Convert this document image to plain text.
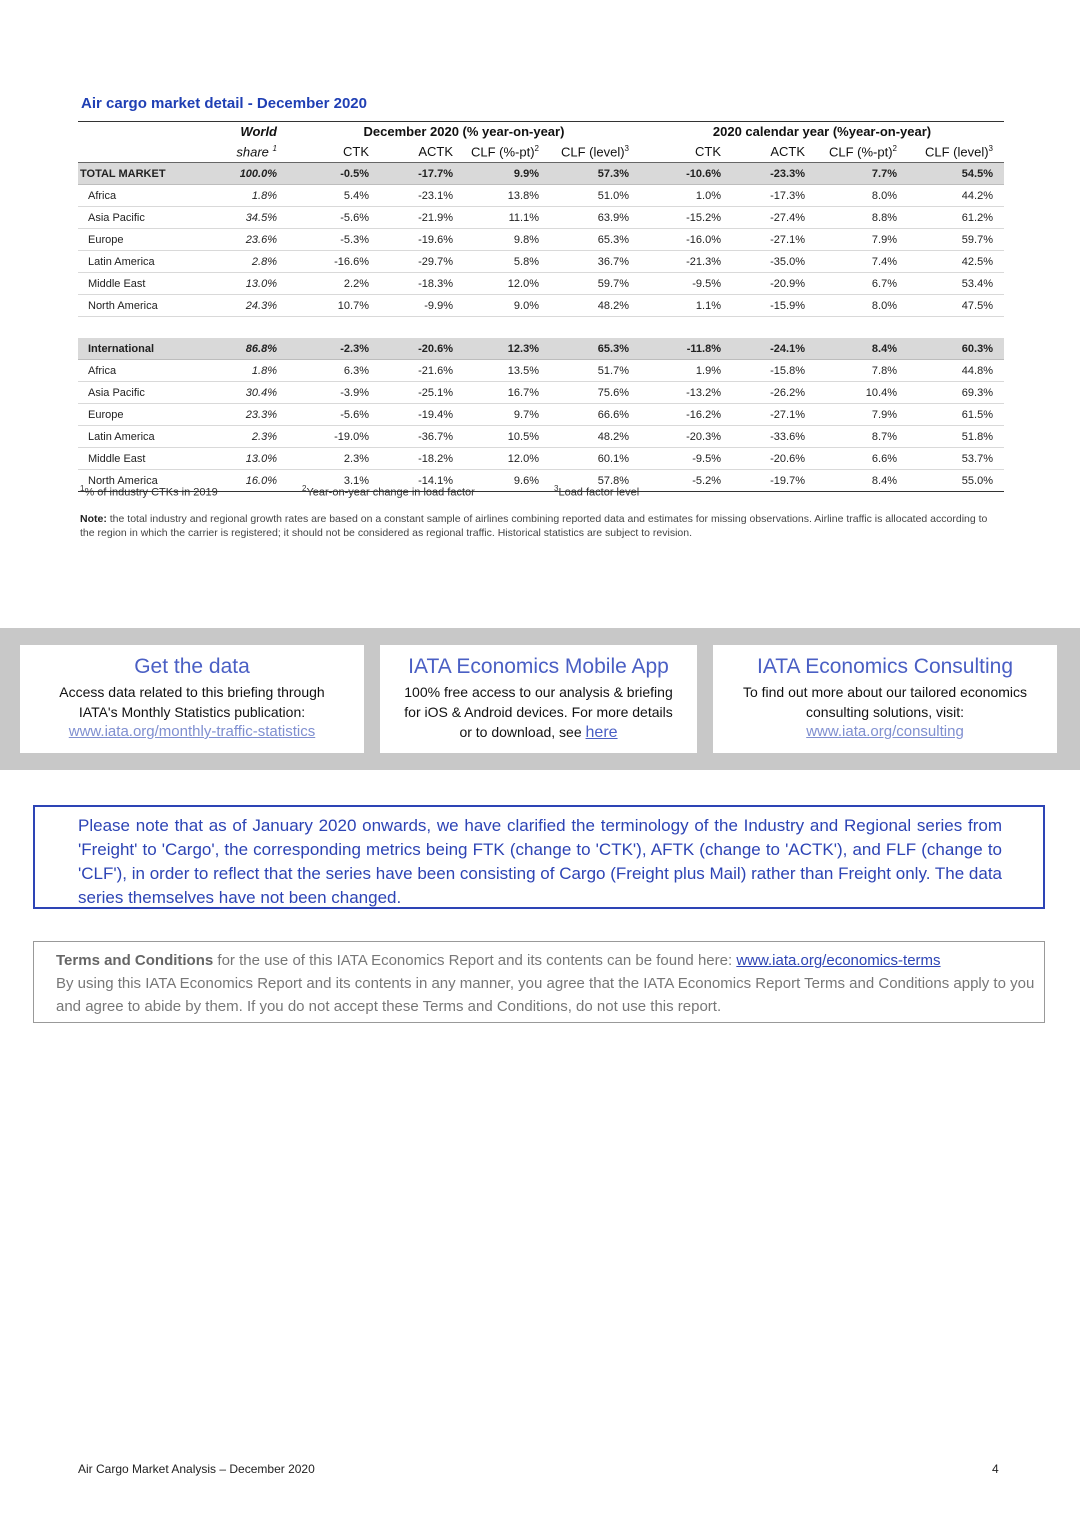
Air cargo market detail - December 2020
	World	December 2020 (% year-on-year)				2020 calendar year (%year-on-year)			
	share $^1$	CTK	ACTK	CLF $(\%-pt)^2$	CLF (level)$^3$	CTK	ACTK	CLF $(\%-pt)^2$	CLF (level)$^3$
TOTAL MARKET	100.0%	-0.5%	-17.7%	9.9%	57.3%	-10.6%	-23.3%	7.7%	54.5%
Africa	1.8%	5.4%	-23.1%	13.8%	51.0%	1.0%	-17.3%	8.0%	44.2%
Asia Pacific	34.5%	-5.6%	-21.9%	11.1%	63.9%	-15.2%	-27.4%	8.8%	61.2%
Europe	23.6%	-5.3%	-19.6%	9.8%	65.3%	-16.0%	-27.1%	7.9%	59.7%
Latin America	2.8%	-16.6%	-29.7%	5.8%	36.7%	-21.3%	-35.0%	7.4%	42.5%
Middle East	13.0%	2.2%	-18.3%	12.0%	59.7%	-9.5%	-20.9%	6.7%	53.4%
North America	24.3%	10.7%	-9.9%	9.0%	48.2%	1.1%	-15.9%	8.0%	47.5%

International	86.8%	-2.3%	-20.6%	12.3%	65.3%	-11.8%	-24.1%	8.4%	60.3%
Africa	1.8%	6.3%	-21.6%	13.5%	51.7%	1.9%	-15.8%	7.8%	44.8%
Asia Pacific	30.4%	-3.9%	-25.1%	16.7%	75.6%	-13.2%	-26.2%	10.4%	69.3%
Europe	23.3%	-5.6%	-19.4%	9.7%	66.6%	-16.2%	-27.1%	7.9%	61.5%
Latin America	2.3%	-19.0%	-36.7%	10.5%	48.2%	-20.3%	-33.6%	8.7%	51.8%
Middle East	13.0%	2.3%	-18.2%	12.0%	60.1%	-9.5%	-20.6%	6.6%	53.7%
North America	16.0%	3.1%	-14.1%	9.6%	57.8%	-5.2%	-19.7%	8.4%	55.0%
$^1$% of industry CTKs in 2019	$^2$Year-on-year change in load factor	$^3$Load factor level
Note: the total industry and regional growth rates are based on a constant sample of airlines combining reported data and estimates for missing observations. Airline traffic is allocated according to the region in which the carrier is registered; it should not be considered as regional traffic. Historical statistics are subject to revision.
Get the data
Access data related to this briefing through
IATA's Monthly Statistics publication:
www.iata.org/monthly-traffic-statistics
IATA Economics Mobile App
100% free access to our analysis & briefing
for iOS & Android devices. For more details
or to download, see here
IATA Economics Consulting
To find out more about our tailored economics
consulting solutions, visit:
www.iata.org/consulting

Please note that as of January 2020 onwards, we have clarified the terminology of the Industry and Regional series from 'Freight' to 'Cargo', the corresponding metrics being FTK (change to 'CTK'), AFTK (change to 'ACTK'), and FLF (change to 'CLF'), in order to reflect that the series have been consisting of Cargo (Freight plus Mail) rather than Freight only. The data series themselves have not been changed.

Terms and Conditions for the use of this IATA Economics Report and its contents can be found here: www.iata.org/economics-terms
By using this IATA Economics Report and its contents in any manner, you agree that the IATA Economics Report Terms and Conditions apply to you and agree to abide by them. If you do not accept these Terms and Conditions, do not use this report.

Air Cargo Market Analysis – December 2020	4
